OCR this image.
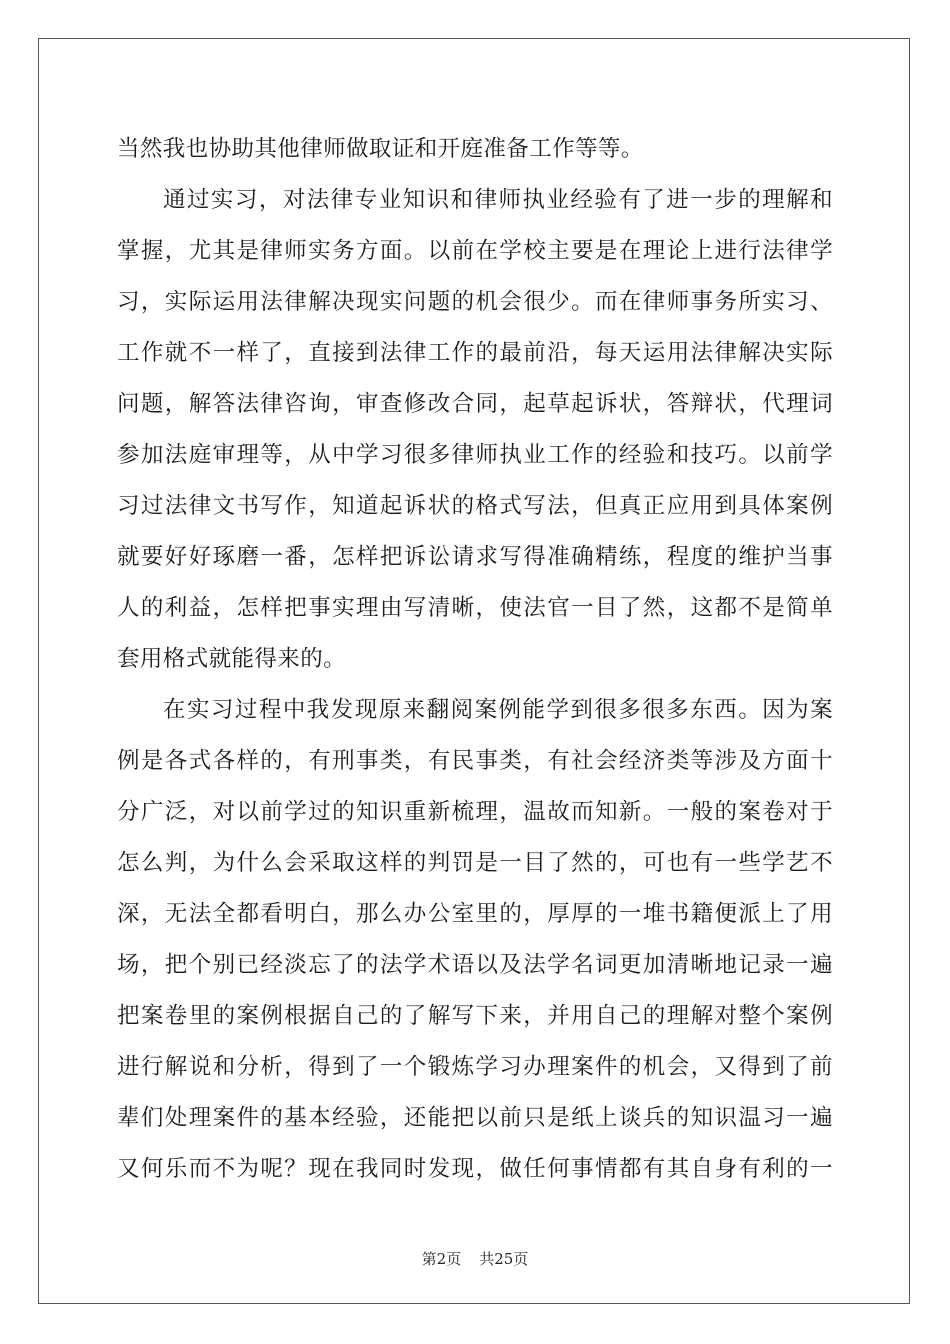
当然我也协助其他律师做取证和开庭准备工作等等。
通过实习，对法律专业知识和律师执业经验有了进一步的理解和
掌握，尤其是律师实务方面。以前在学校主要是在理论上进行法律学
习，实际运用法律解决现实问题的机会很少。而在律师事务所实习、
工作就不一样了，直接到法律工作的最前沿，每天运用法律解决实际
问题，解答法律咨询，审查修改合同，起草起诉状，答辩状，代理词
参加法庭审理等，从中学习很多律师执业工作的经验和技巧。以前学
习过法律文书写作，知道起诉状的格式写法，但真正应用到具体案例
就要好好琢磨一番，怎样把诉讼请求写得准确精练，程度的维护当事
人的利益，怎样把事实理由写清晰，使法官一目了然，这都不是简单
套用格式就能得来的。
在实习过程中我发现原来翻阅案例能学到很多很多东西。因为案
例是各式各样的，有刑事类，有民事类，有社会经济类等涉及方面十
分广泛，对以前学过的知识重新梳理，温故而知新。一般的案卷对于
怎么判，为什么会采取这样的判罚是一目了然的，可也有一些学艺不
深，无法全都看明白，那么办公室里的，厚厚的一堆书籍便派上了用
场，把个别已经淡忘了的法学术语以及法学名词更加清晰地记录一遍
把案卷里的案例根据自己的了解写下来，并用自己的理解对整个案例
进行解说和分析，得到了一个锻炼学习办理案件的机会，又得到了前
辈们处理案件的基本经验，还能把以前只是纸上谈兵的知识温习一遍
又何乐而不为呢？现在我同时发现，做任何事情都有其自身有利的一
第2页 共25页
